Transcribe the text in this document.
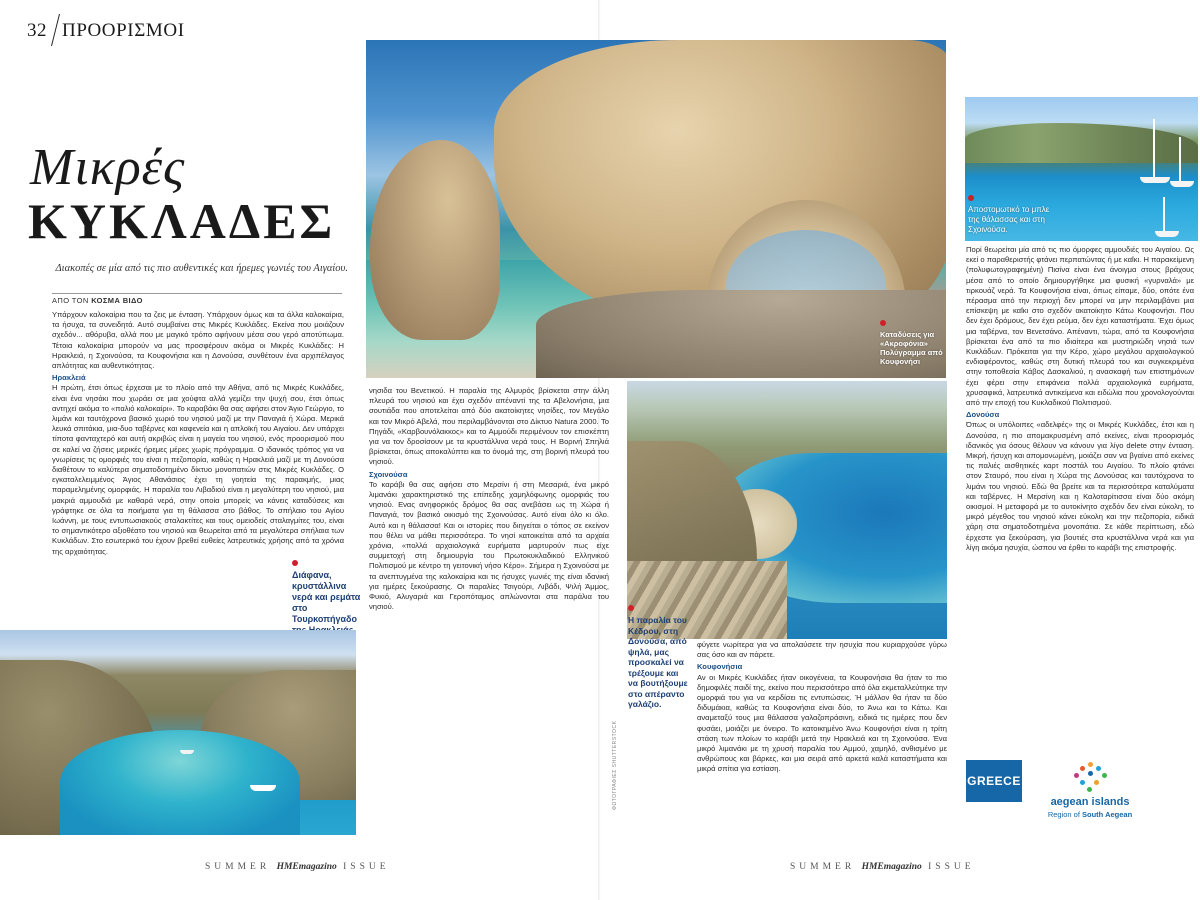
32 ΠΡΟΟΡΙΣΜΟΙ
Μικρές
ΚΥΚΛΑΔΕΣ
Διακοπές σε μία από τις πιο αυθεντικές και ήρεμες γωνιές του Αιγαίου.
ΑΠΟ ΤΟΝ ΚΟΣΜΑ ΒΙΔΟ

Υπάρχουν καλοκαίρια που τα ζεις με ένταση. Υπάρχουν όμως και τα άλλα καλοκαίρια, τα ήσυχα, τα συνειδητά. Αυτό συμβαίνει στις Μικρές Κυκλάδες. Εκείνα που μοιάζουν σχεδόν... αθόρυβα, αλλά που με μαγικό τρόπο αφήνουν μέσα σου γερό αποτύπωμα. Τέτοια καλοκαίρια μπορούν να μας προσφέρουν ακόμα οι Μικρές Κυκλάδες: Η Ηρακλειά, η Σχοινούσα, τα Κουφονήσια και η Δονούσα, συνθέτουν ένα αρχιπέλαγος απλότητας και αυθεντικότητας.

Ηρακλειά

Η πρώτη, έτσι όπως έρχεσαι με το πλοίο από την Αθήνα, από τις Μικρές Κυκλάδες, είναι ένα νησάκι που χωράει σε μια χούφτα αλλά γεμίζει την ψυχή σου, έτσι όπως αντηχεί ακόμα το «παλιό καλοκαίρι». Το καραβάκι θα σας αφήσει στον Άγιο Γεώργιο, το λιμάνι και ταυτόχρονα βασικό χωριό του νησιού μαζί με την Παναγιά ή Χώρα. Μερικά λευκά σπιτάκια, μια-δυο ταβέρνες και καφενεία και η απλοϊκή του Αιγαίου. Δεν υπάρχει τίποτα φανταχτερό και αυτή ακριβώς είναι η μαγεία του νησιού, ενός προορισμού που σε καλεί να ζήσεις μερικές ήρεμες μέρες χωρίς πρόγραμμα. Ο ιδανικός τρόπος για να γνωρίσεις τις ομορφιές του είναι η πεζοπορία, καθώς η Ηρακλειά μαζί με τη Δονούσα διαθέτουν το καλύτερα σηματοδοτημένο δίκτυο μονοπατιών στις Μικρές Κυκλάδες. Ο εγκαταλελειμμένος Άγιος Αθανάσιος έχει τη γοητεία της παρακμής, μιας παραμελημένης ομορφιάς. Η παραλία του Λιβαδιού είναι η μεγαλύτερη του νησιού, μια μακριά αμμουδιά με καθαρά νερά, στην οποία μπορείς να κάνεις καταδύσεις και γράφτηκε σε όλα τα ποιήματα για τη θάλασσα στο βάθος. Το σπήλαιο του Αγίου Ιωάννη, με τους εντυπωσιακούς σταλακτίτες και τους ομειοδείς σταλαγμίτες του, είναι το σημαντικότερο αξιοθέατο του νησιού και θεωρείται από τα μεγαλύτερα σπήλαια των Κυκλάδων. Στο εσωτερικό του έχουν βρεθεί ευθείες λατρευτικές χρήσης από τα χρόνια της αρχαιότητας.

Διάφανα, κρυστάλλινα νερά και ρεμάτα στο Τουρκοπήγαδο

νησιδα του Βενετικού. Η παραλία της Αλμυρός βρίσκεται στην άλλη πλευρά του νησιού και έχει σχεδόν απέναντί της τα Αβελονήσια, μια σουτιάδα που αποτελείται από δύο ακατοίκητες νησίδες, τον Μεγάλο και τον Μικρό Αβελά, που περιλαμβάνονται στο Δίκτυο Natura 2000. Το Πηγάδι, «Καρβουνόλακκος» και το Αμμούδι περιμένουν τον επισκέπτη για να τον δροσίσουν με τα κρυστάλλινα νερά τους. Η Βορινή Σπηλιά βρίσκεται, όπως αποκαλύπτει και το όνομά της, στη βορινή πλευρά του νησιού.

Σχοινούσα

Το καράβι θα σας αφήσει στο Μερσίνι ή στη Μεσαριά, ένα μικρό λιμανάκι χαρακτηριστικό της επίπεδης χαμηλόφωνης ομορφιάς του νησιού. Ενας ανηφορικός δρόμος θα σας ανεβάσει ως τη Χώρα ή Παναγιά, τον βασικό οικισμό της Σχοινούσας. Αυτό είναι όλο κι όλο. Αυτό και η θάλασσα! Και οι ιστορίες που διηγείται ο τόπος σε εκείνον που θέλει να μάθει περισσότερα. Το νησί κατοικείται από τα αρχαία χρόνια, «πολλά αρχαιολογικά ευρήματα μαρτυρούν πως είχε συμμετοχή στη δημιουργία του Πρωτοκυκλαδικού Ελληνικού Πολιτισμού με κέντρο τη γειτονική νήσο Κέρο». Σήμερα η Σχοινούσα με τα ανεπτυγμένα της καλοκαίρια και τις ήσυχες γωνιές της είναι ιδανική για ημέρες ξεκούρασης. Οι παραλίες Τσιγούρι, Λιβάδι, Ψιλή Άμμος, Φυκιό, Αλυγαριά και Γεροπόταμος απλώνονται στα παράλια του νησιού.

ΦΩΤΟΓΡΑΦΙΕΣ SHUTTERSTOCK
Καταδύσεις για «Ακροφόνια» Πολύγραμμα από Κουφονήσι
Η παραλία του Κέδρου, στη Δονούσα, από ψηλά, μας προσκαλεί να τρέξουμε και να βουτήξουμε στο απέραντο γαλάζιο.

φύγετε νωρίτερα για να απολαύσετε την ησυχία που κυριαρχούσε γύρω σας όσο και αν πάρετε.

Κουφονήσια

Αν οι Μικρές Κυκλάδες ήταν οικογένεια, τα Κουφονήσια θα ήταν το πιο δημοφιλές παιδί της, εκείνο που περισσότερο από όλα εκμεταλλεύτηκε την ομορφιά του για να κερδίσει τις εντυπώσεις. Ή μάλλον θα ήταν τα δύο διδυμάκια, καθώς τα Κουφονήσια είναι δύο, το Άνω και το Κάτω. Και αναμεταξύ τους μια θάλασσα γαλαζοπράσινη, ειδικά τις ημέρες που δεν φυσάει, μοιάζει με όνειρο. Το κατοικημένο Άνω Κουφονήσι είναι η τρίτη στάση των πλοίων το καράβι μετά την Ηρακλειά και τη Σχοινούσα. Ένα μικρό λιμανάκι με τη χρυσή παραλία του Αμμού, χαμηλό, ανθισμένο με ανθρώπους και βάρκες, και μια σειρά από αρκετά καλά καταστήματα και μικρά σπίτια για εστίαση.

Αποστομωτικό το μπλε της θάλασσας και στη Σχοινούσα.

Πορί θεωρείται μία από τις πιο όμορφες αμμουδιές του Αιγαίου. Ως εκεί ο παραθεριστής φτάνει περπατώντας ή με καΐκι. Η παρακείμενη (πολυφωτογραφημένη) Πισίνα είναι ένα άνοιγμα στους βράχους μέσα από το οποίο δημιουργήθηκε μια φυσική «γυρναλά» με τιρκουάζ νερά. Τα Κουφονήσια είναι, όπως είπαμε, δύο, οπότε ένα πέρασμα από την περιοχή δεν μπορεί να μην περιλαμβάνει μια επίσκεψη με καΐκι στο σχεδόν ακατοίκητο Κάτω Κουφονήσι. Που δεν έχει δρόμους, δεν έχει ρεύμα, δεν έχει καταστήματα. Έχει όμως μια ταβέρνα, τον Βενετσάνο. Απέναντι, τώρα, από τα Κουφονήσια βρίσκεται ένα από τα πιο ιδιαίτερα και μυστηριώδη νησιά των Κυκλάδων. Πρόκειται για την Κέρο, χώρο μεγάλου αρχαιολογικού ενδιαφέροντος, καθώς στη δυτική πλευρά του και συγκεκριμένα στην τοποθεσία Κάβος Δασκαλιού, η ανασκαφή των επιστημόνων έχει φέρει στην επιφάνεια πολλά αρχαιολογικά ευρήματα, χρυσαφικά, λατρευτικά αντικείμενα και ειδώλια που χρονολογούνται από την εποχή του Κυκλαδικού Πολιτισμού.

Δονούσα

Όπως οι υπόλοιπες «αδελφές» της οι Μικρές Κυκλάδες, έτσι και η Δονούσα, η πιο απομακρυσμένη από εκείνες, είναι προορισμός ιδανικός για όσους θέλουν να κάνουν για λίγο delete στην ένταση. Μικρή, ήσυχη και απομονωμένη, μοιάζει σαν να βγαίνει από εκείνες τις παλιές αισθητικές καρτ ποστάλ του Αιγαίου. Το πλοίο φτάνει στον Σταυρό, που είναι η Χώρα της Δονούσας και ταυτόχρονα το λιμάνι του νησιού. Εδώ θα βρείτε και τα περισσότερα καταλύματα και ταβέρνες. Η Μερσίνη και η Καλοταρίτισσα είναι δύο ακόμη οικισμοί. Η μεταφορά με το αυτοκίνητο σχεδόν δεν είναι εύκολη, το μικρό μέγεθος του νησιού κάνει εύκολη και την πεζοπορία, ειδικά χάρη στα σηματοδοτημένα μονοπάτια. Σε κάθε περίπτωση, εδώ έρχεστε για ξεκούραση, για βουτιές στα κρυστάλλινα νερά και για λίγη ακόμα ησυχία, ώσπου να έρθει το καράβι της επιστροφής.

GREECE
aegean islands
Region of South Aegean
SUMMER ΗΜΕmagazino ISSUE	SUMMER ΗΜΕmagazino ISSUE
